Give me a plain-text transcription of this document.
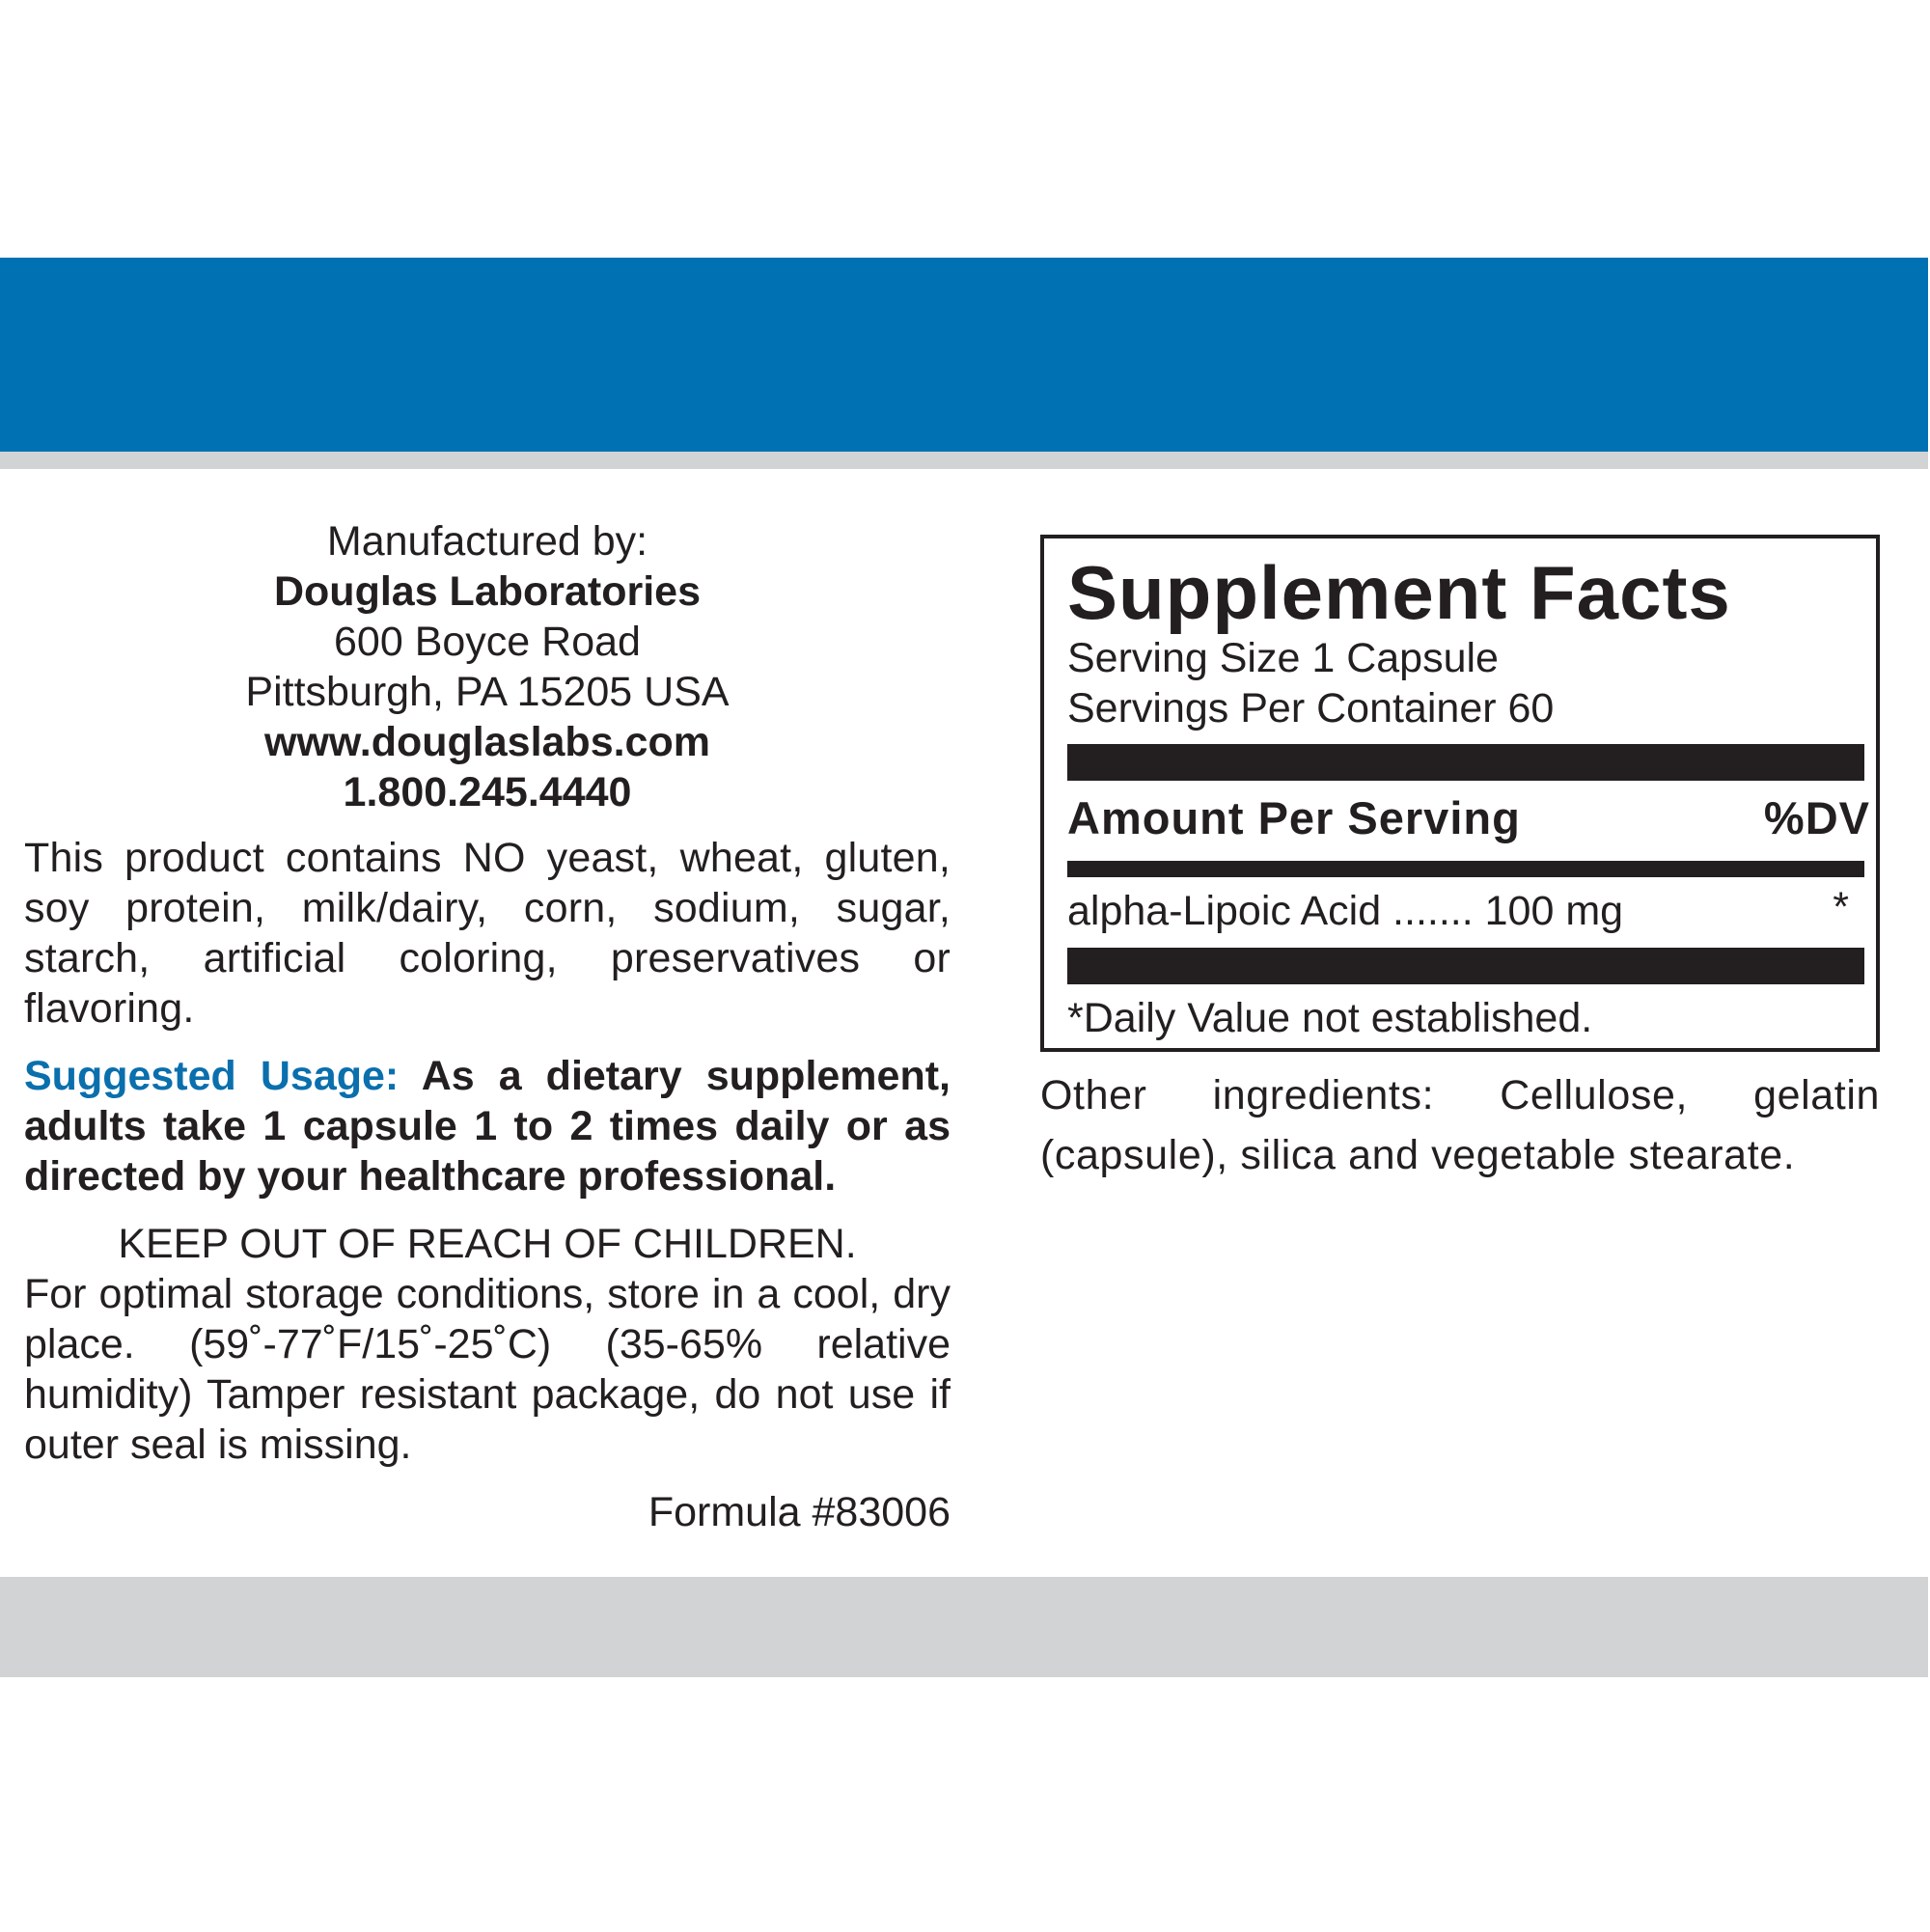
Manufactured by:
Douglas Laboratories
600 Boyce Road
Pittsburgh, PA 15205 USA
www.douglaslabs.com
1.800.245.4440
This product contains NO yeast, wheat, gluten, soy protein, milk/dairy, corn, sodium, sugar, starch, artificial coloring, preservatives or flavoring.
Suggested Usage: As a dietary supplement, adults take 1 capsule 1 to 2 times daily or as directed by your healthcare professional.
KEEP OUT OF REACH OF CHILDREN.
For optimal storage conditions, store in a cool, dry place. (59˚-77˚F/15˚-25˚C) (35-65% relative humidity) Tamper resistant package, do not use if outer seal is missing.
Formula #83006
Supplement Facts
Serving Size 1 Capsule
Servings Per Container 60
Amount Per Serving	%DV
alpha-Lipoic Acid ....... 100 mg	*
*Daily Value not established.
Other ingredients: Cellulose, gelatin (capsule), silica and vegetable stearate.
